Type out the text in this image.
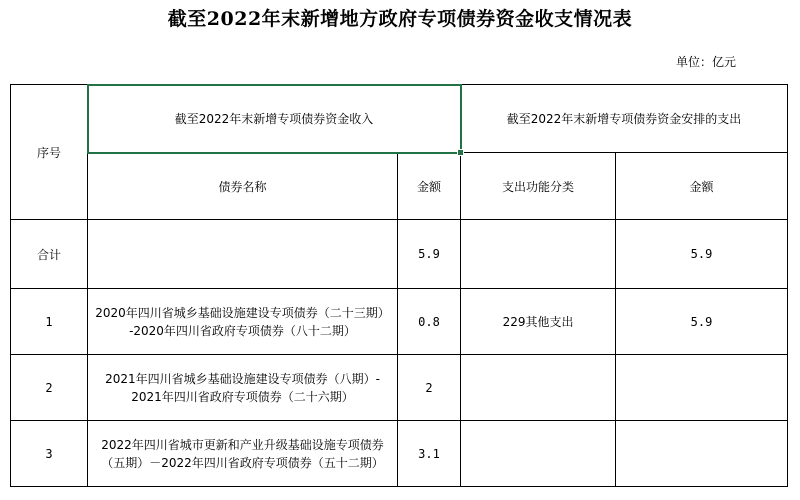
截至2022年末新增地方政府专项债券资金收支情况表
单位：亿元
序号	截至2022年末新增专项债券资金收入		截至2022年末新增专项债券资金安排的支出	
	债券名称	金额	支出功能分类	金额
合计		5.9		5.9
1	2020年四川省城乡基础设施建设专项债券（二十三期）
-2020年四川省政府专项债券（八十二期）	0.8	229其他支出	5.9
2	2021年四川省城乡基础设施建设专项债券（八期）-
2021年四川省政府专项债券（二十六期）	2		
3	2022年四川省城市更新和产业升级基础设施专项债券
（五期）－2022年四川省政府专项债券（五十二期）	3.1		
